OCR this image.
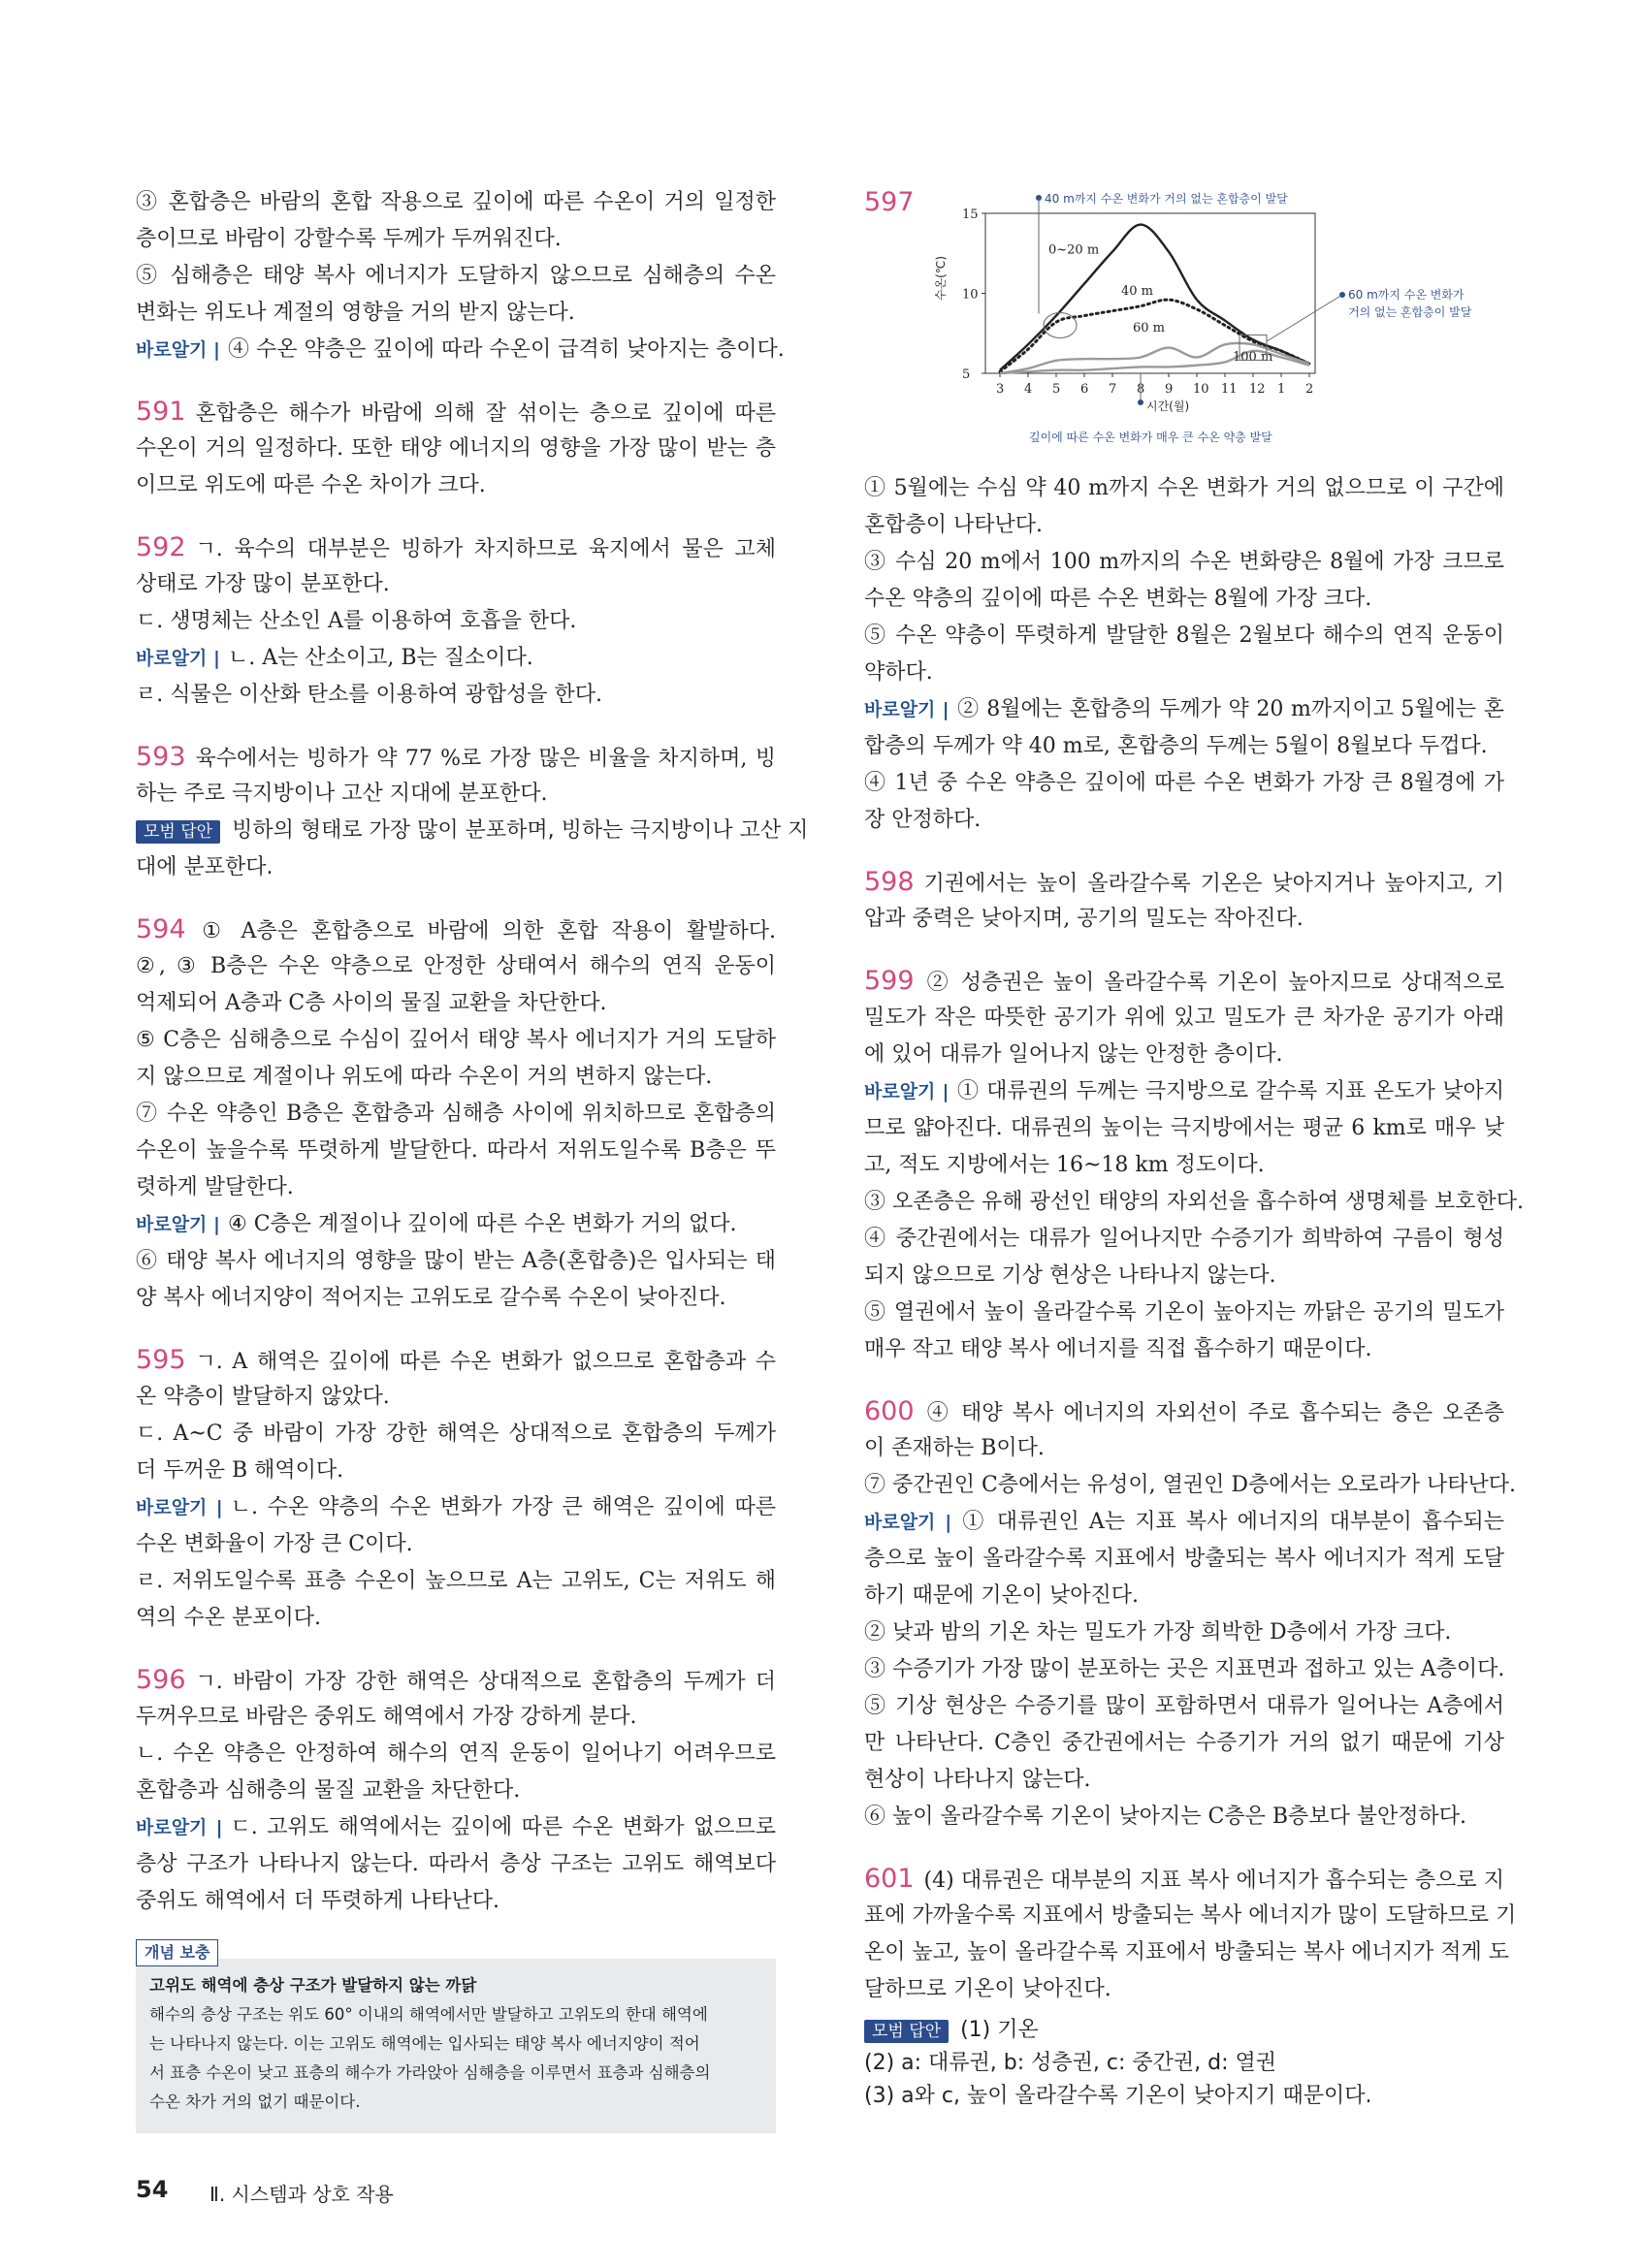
③ 혼합층은 바람의 혼합 작용으로 깊이에 따른 수온이 거의 일정한
층이므로 바람이 강할수록 두께가 두꺼워진다.
⑤ 심해층은 태양 복사 에너지가 도달하지 않으므로 심해층의 수온
변화는 위도나 계절의 영향을 거의 받지 않는다.
바로알기 | ④ 수온 약층은 깊이에 따라 수온이 급격히 낮아지는 층이다.
591 혼합층은 해수가 바람에 의해 잘 섞이는 층으로 깊이에 따른
수온이 거의 일정하다. 또한 태양 에너지의 영향을 가장 많이 받는 층
이므로 위도에 따른 수온 차이가 크다.
592 ㄱ. 육수의 대부분은 빙하가 차지하므로 육지에서 물은 고체
상태로 가장 많이 분포한다.
ㄷ. 생명체는 산소인 A를 이용하여 호흡을 한다.
바로알기 | ㄴ. A는 산소이고, B는 질소이다.
ㄹ. 식물은 이산화 탄소를 이용하여 광합성을 한다.
593 육수에서는 빙하가 약 77 %로 가장 많은 비율을 차지하며, 빙
하는 주로 극지방이나 고산 지대에 분포한다.
모범 답안 빙하의 형태로 가장 많이 분포하며, 빙하는 극지방이나 고산 지
대에 분포한다.
594 ① A층은 혼합층으로 바람에 의한 혼합 작용이 활발하다.
②, ③ B층은 수온 약층으로 안정한 상태여서 해수의 연직 운동이
억제되어 A층과 C층 사이의 물질 교환을 차단한다.
⑤ C층은 심해층으로 수심이 깊어서 태양 복사 에너지가 거의 도달하
지 않으므로 계절이나 위도에 따라 수온이 거의 변하지 않는다.
⑦ 수온 약층인 B층은 혼합층과 심해층 사이에 위치하므로 혼합층의
수온이 높을수록 뚜렷하게 발달한다. 따라서 저위도일수록 B층은 뚜
렷하게 발달한다.
바로알기 | ④ C층은 계절이나 깊이에 따른 수온 변화가 거의 없다.
⑥ 태양 복사 에너지의 영향을 많이 받는 A층(혼합층)은 입사되는 태
양 복사 에너지양이 적어지는 고위도로 갈수록 수온이 낮아진다.
595 ㄱ. A 해역은 깊이에 따른 수온 변화가 없으므로 혼합층과 수
온 약층이 발달하지 않았다.
ㄷ. A~C 중 바람이 가장 강한 해역은 상대적으로 혼합층의 두께가
더 두꺼운 B 해역이다.
바로알기 | ㄴ. 수온 약층의 수온 변화가 가장 큰 해역은 깊이에 따른
수온 변화율이 가장 큰 C이다.
ㄹ. 저위도일수록 표층 수온이 높으므로 A는 고위도, C는 저위도 해
역의 수온 분포이다.
596 ㄱ. 바람이 가장 강한 해역은 상대적으로 혼합층의 두께가 더
두꺼우므로 바람은 중위도 해역에서 가장 강하게 분다.
ㄴ. 수온 약층은 안정하여 해수의 연직 운동이 일어나기 어려우므로
혼합층과 심해층의 물질 교환을 차단한다.
바로알기 | ㄷ. 고위도 해역에서는 깊이에 따른 수온 변화가 없으므로
층상 구조가 나타나지 않는다. 따라서 층상 구조는 고위도 해역보다
중위도 해역에서 더 뚜렷하게 나타난다.
고위도 해역에 층상 구조가 발달하지 않는 까닭
해수의 층상 구조는 위도 60° 이내의 해역에서만 발달하고 고위도의 한대 해역에
는 나타나지 않는다. 이는 고위도 해역에는 입사되는 태양 복사 에너지양이 적어
서 표층 수온이 낮고 표층의 해수가 가라앉아 심해층을 이루면서 표층과 심해층의
수온 차가 거의 없기 때문이다.
개념 보충
597
5
10
15
3 4 5 6 7 8 9 10 11 12 1 2
시간(월)
수온(℃)
0~20 m
40 m
60 m
100 m
40 m까지 수온 변화가 거의 없는 혼합층이 발달
60 m까지 수온 변화가
거의 없는 혼합층이 발달
깊이에 따른 수온 변화가 매우 큰 수온 약층 발달
① 5월에는 수심 약 40 m까지 수온 변화가 거의 없으므로 이 구간에
혼합층이 나타난다.
③ 수심 20 m에서 100 m까지의 수온 변화량은 8월에 가장 크므로
수온 약층의 깊이에 따른 수온 변화는 8월에 가장 크다.
⑤ 수온 약층이 뚜렷하게 발달한 8월은 2월보다 해수의 연직 운동이
약하다.
바로알기 | ② 8월에는 혼합층의 두께가 약 20 m까지이고 5월에는 혼
합층의 두께가 약 40 m로, 혼합층의 두께는 5월이 8월보다 두껍다.
④ 1년 중 수온 약층은 깊이에 따른 수온 변화가 가장 큰 8월경에 가
장 안정하다.
598 기권에서는 높이 올라갈수록 기온은 낮아지거나 높아지고, 기
압과 중력은 낮아지며, 공기의 밀도는 작아진다.
599 ② 성층권은 높이 올라갈수록 기온이 높아지므로 상대적으로
밀도가 작은 따뜻한 공기가 위에 있고 밀도가 큰 차가운 공기가 아래
에 있어 대류가 일어나지 않는 안정한 층이다.
바로알기 | ① 대류권의 두께는 극지방으로 갈수록 지표 온도가 낮아지
므로 얇아진다. 대류권의 높이는 극지방에서는 평균 6 km로 매우 낮
고, 적도 지방에서는 16~18 km 정도이다.
③ 오존층은 유해 광선인 태양의 자외선을 흡수하여 생명체를 보호한다.
④ 중간권에서는 대류가 일어나지만 수증기가 희박하여 구름이 형성
되지 않으므로 기상 현상은 나타나지 않는다.
⑤ 열권에서 높이 올라갈수록 기온이 높아지는 까닭은 공기의 밀도가
매우 작고 태양 복사 에너지를 직접 흡수하기 때문이다.
600 ④ 태양 복사 에너지의 자외선이 주로 흡수되는 층은 오존층
이 존재하는 B이다.
⑦ 중간권인 C층에서는 유성이, 열권인 D층에서는 오로라가 나타난다.
바로알기 | ① 대류권인 A는 지표 복사 에너지의 대부분이 흡수되는
층으로 높이 올라갈수록 지표에서 방출되는 복사 에너지가 적게 도달
하기 때문에 기온이 낮아진다.
② 낮과 밤의 기온 차는 밀도가 가장 희박한 D층에서 가장 크다.
③ 수증기가 가장 많이 분포하는 곳은 지표면과 접하고 있는 A층이다.
⑤ 기상 현상은 수증기를 많이 포함하면서 대류가 일어나는 A층에서
만 나타난다. C층인 중간권에서는 수증기가 거의 없기 때문에 기상
현상이 나타나지 않는다.
⑥ 높이 올라갈수록 기온이 낮아지는 C층은 B층보다 불안정하다.
601 (4) 대류권은 대부분의 지표 복사 에너지가 흡수되는 층으로 지
표에 가까울수록 지표에서 방출되는 복사 에너지가 많이 도달하므로 기
온이 높고, 높이 올라갈수록 지표에서 방출되는 복사 에너지가 적게 도
달하므로 기온이 낮아진다.
모범 답안 (1) 기온
(2) a: 대류권, b: 성층권, c: 중간권, d: 열권
(3) a와 c, 높이 올라갈수록 기온이 낮아지기 때문이다.
54 Ⅱ. 시스템과 상호 작용
